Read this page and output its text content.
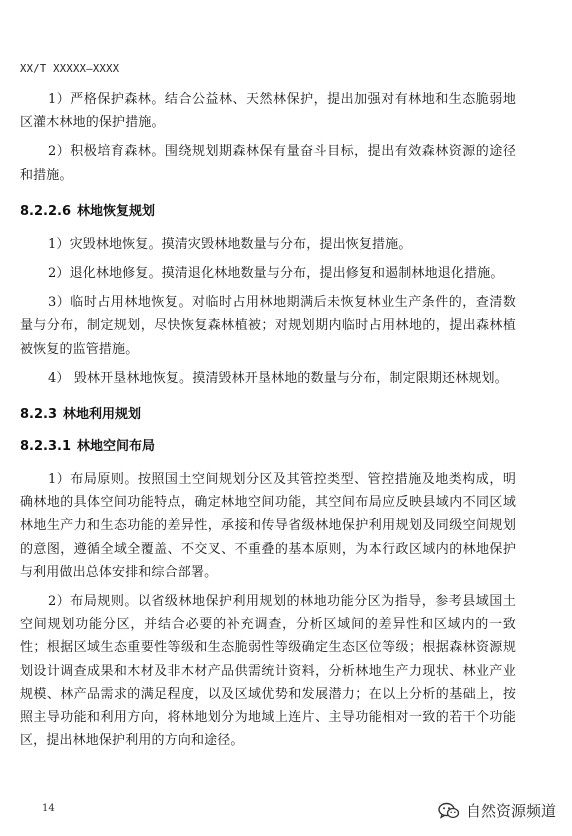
XX/T XXXXX—XXXX

1）严格保护森林。结合公益林、天然林保护，提出加强对有林地和生态脆弱地区灌木林地的保护措施。

2）积极培育森林。围绕规划期森林保有量奋斗目标，提出有效森林资源的途径和措施。

8.2.2.6 林地恢复规划

1）灾毁林地恢复。摸清灾毁林地数量与分布，提出恢复措施。

2）退化林地修复。摸清退化林地数量与分布，提出修复和遏制林地退化措施。

3）临时占用林地恢复。对临时占用林地期满后未恢复林业生产条件的，查清数量与分布，制定规划，尽快恢复森林植被；对规划期内临时占用林地的，提出森林植被恢复的监管措施。

4） 毁林开垦林地恢复。摸清毁林开垦林地的数量与分布，制定限期还林规划。

8.2.3 林地利用规划
8.2.3.1 林地空间布局

1）布局原则。按照国土空间规划分区及其管控类型、管控措施及地类构成，明确林地的具体空间功能特点，确定林地空间功能，其空间布局应反映县域内不同区域林地生产力和生态功能的差异性，承接和传导省级林地保护利用规划及同级空间规划的意图，遵循全域全覆盖、不交叉、不重叠的基本原则，为本行政区域内的林地保护与利用做出总体安排和综合部署。

2）布局规则。以省级林地保护利用规划的林地功能分区为指导，参考县域国土空间规划功能分区，并结合必要的补充调查，分析区域间的差异性和区域内的一致性；根据区域生态重要性等级和生态脆弱性等级确定生态区位等级；根据森林资源规划设计调查成果和木材及非木材产品供需统计资料，分析林地生产力现状、林业产业规模、林产品需求的满足程度，以及区域优势和发展潜力；在以上分析的基础上，按照主导功能和利用方向，将林地划分为地域上连片、主导功能相对一致的若干个功能区，提出林地保护利用的方向和途径。

14	自然资源频道
